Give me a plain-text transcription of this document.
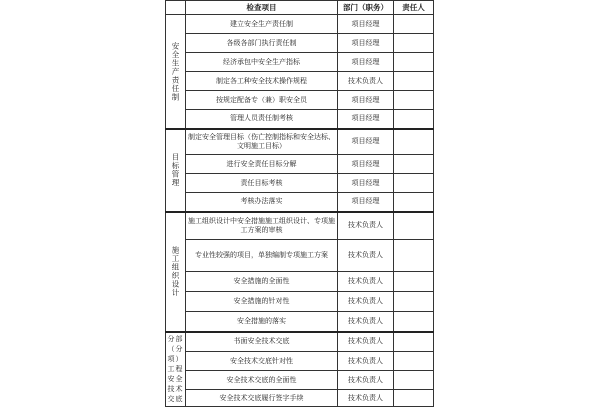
	检查项目	部门（职务）	责任人
安全生产责任制	建立安全生产责任制	项目经理	
	各级各部门执行责任制	项目经理	
	经济承包中安全生产指标	项目经理	
	制定各工种安全技术操作规程	技术负责人	
	按规定配备专（兼）职安全员	项目经理	
	管理人员责任制考核	项目经理	
目标管理	制定安全管理目标（伤亡控制指标和安全达标、文明施工目标）	项目经理	
	进行安全责任目标分解	项目经理	
	责任目标考核	项目经理	
	考核办法落实	项目经理	
施工组织设计	施工组织设计中安全措施施工组织设计、专项施工方案的审核	技术负责人	
	专业性较强的项目，单独编制专项施工方案	技术负责人	
	安全措施的全面性	技术负责人	
	安全措施的针对性	技术负责人	
	安全措施的落实	技术负责人	
分部（分项）工程安全技术交底	书面安全技术交底	技术负责人	
	安全技术交底针对性	技术负责人	
	安全技术交底的全面性	技术负责人	
	安全技术交底履行签字手续	技术负责人	
